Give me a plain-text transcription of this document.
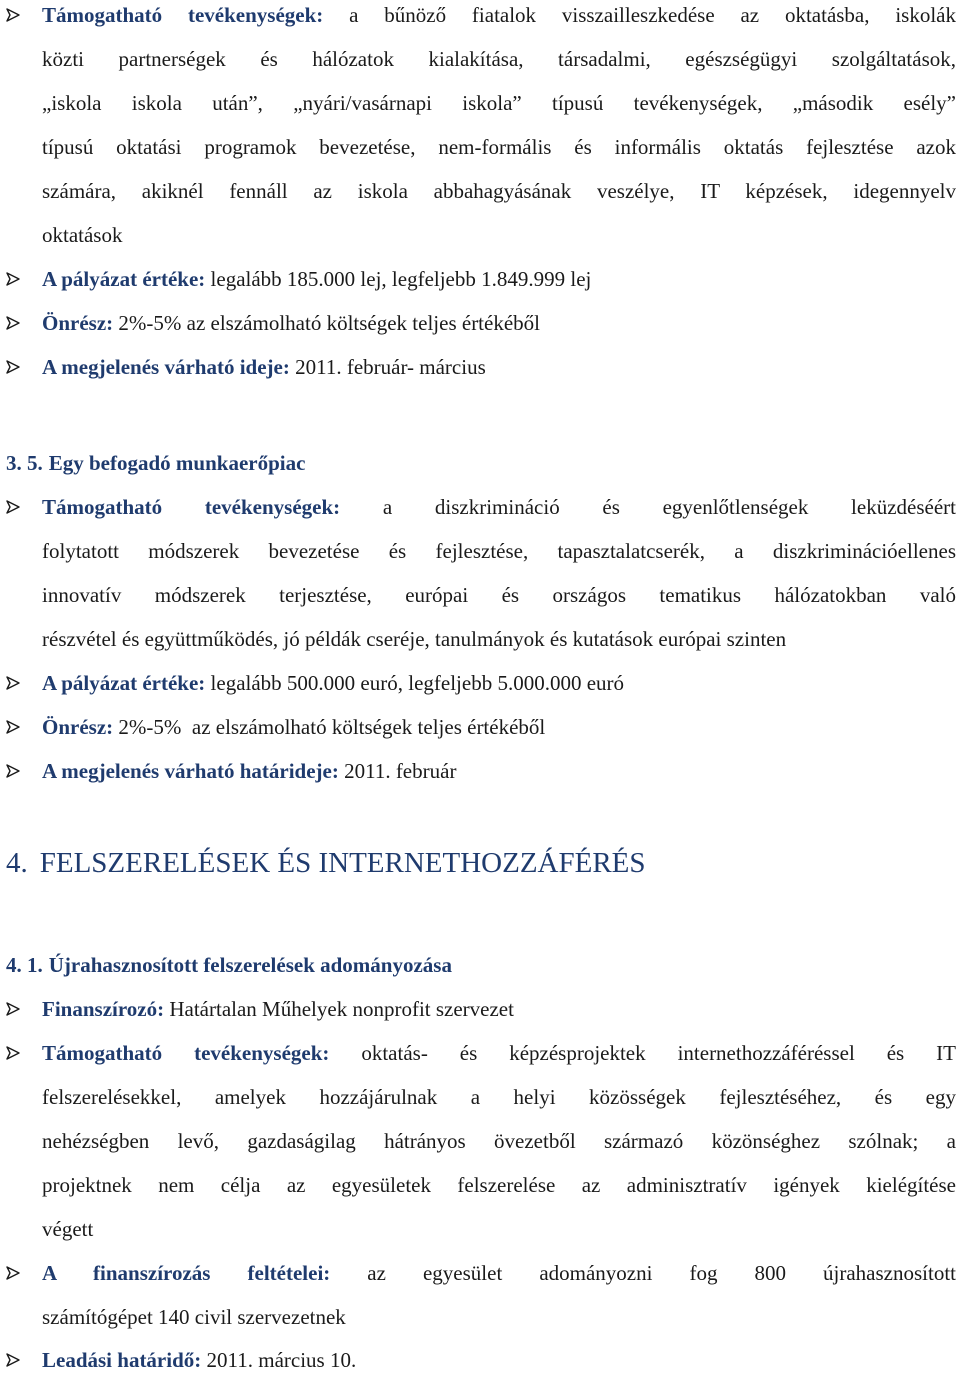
Támogatható tevékenységek: a bűnöző fiatalok visszailleszkedése az oktatásba, iskolák
közti partnerségek és hálózatok kialakítása, társadalmi, egészségügyi szolgáltatások,
„iskola iskola után”, „nyári/vasárnapi iskola” típusú tevékenységek, „második esély”
típusú oktatási programok bevezetése, nem-formális és informális oktatás fejlesztése azok
számára, akiknél fennáll az iskola abbahagyásának veszélye, IT képzések, idegennyelv
oktatások
A pályázat értéke: legalább 185.000 lej, legfeljebb 1.849.999 lej
Önrész: 2%-5% az elszámolható költségek teljes értékéből
A megjelenés várható ideje: 2011. február- március
3. 5. Egy befogadó munkaerőpiac
Támogatható tevékenységek: a diszkrimináció és egyenlőtlenségek leküzdéséért
folytatott módszerek bevezetése és fejlesztése, tapasztalatcserék, a diszkriminációellenes
innovatív módszerek terjesztése, európai és országos tematikus hálózatokban való
részvétel és együttműködés, jó példák cseréje, tanulmányok és kutatások európai szinten
A pályázat értéke: legalább 500.000 euró, legfeljebb 5.000.000 euró
Önrész: 2%-5%  az elszámolható költségek teljes értékéből
A megjelenés várható határideje: 2011. február
4. FELSZERELÉSEK ÉS INTERNETHOZZÁFÉRÉS
4. 1. Újrahasznosított felszerelések adományozása
Finanszírozó: Határtalan Műhelyek nonprofit szervezet
Támogatható tevékenységek: oktatás- és képzésprojektek internethozzáféréssel és IT
felszerelésekkel, amelyek hozzájárulnak a helyi közösségek fejlesztéséhez, és egy
nehézségben levő, gazdaságilag hátrányos övezetből származó közönséghez szólnak; a
projektnek nem célja az egyesületek felszerelése az adminisztratív igények kielégítése
végett
A finanszírozás feltételei: az egyesület adományozni fog 800 újrahasznosított
számítógépet 140 civil szervezetnek
Leadási határidő: 2011. március 10.
